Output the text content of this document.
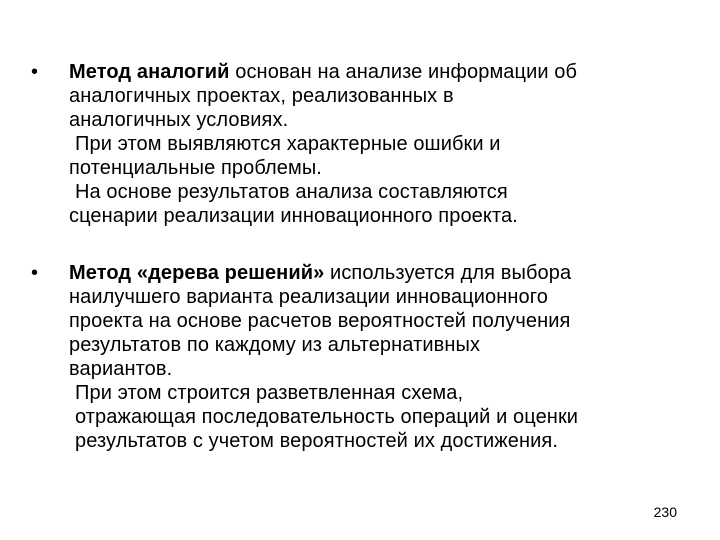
• Метод аналогий основан на анализе информации об
аналогичных проектах, реализованных в
аналогичных условиях.
При этом выявляются характерные ошибки и
потенциальные проблемы.
На основе результатов анализа составляются
сценарии реализации инновационного проекта.
• Метод «дерева решений» используется для выбора
наилучшего варианта реализации инновационного
проекта на основе расчетов вероятностей получения
результатов по каждому из альтернативных
вариантов.
При этом строится разветвленная схема,
отражающая последовательность операций и оценки
результатов с учетом вероятностей их достижения.
230
